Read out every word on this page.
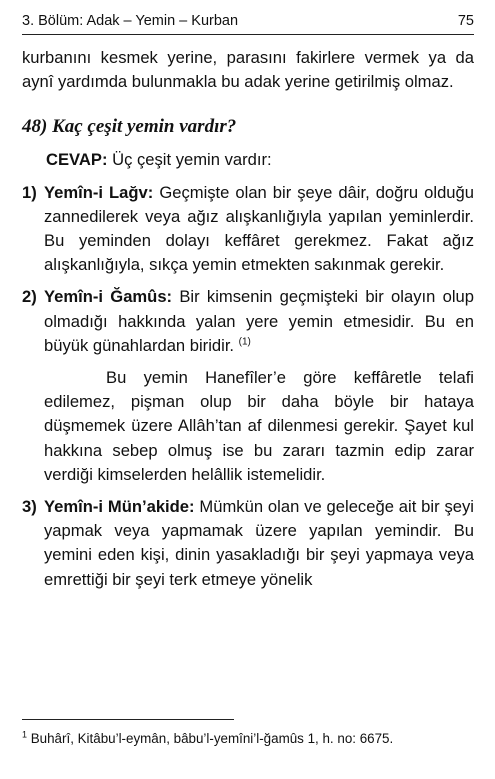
3. Bölüm: Adak – Yemin – Kurban	75

kurbanını kesmek yerine, parasını fakirlere vermek ya da aynî yardımda bulunmakla bu adak yerine getirilmiş olmaz.

48) Kaç çeşit yemin vardır?

CEVAP: Üç çeşit yemin vardır:

1) Yemîn-i Lağv: Geçmişte olan bir şeye dâir, doğru olduğu zannedilerek veya ağız alışkanlığıyla yapılan yeminlerdir. Bu yeminden dolayı keffâret gerekmez. Fakat ağız alışkanlığıyla, sıkça yemin etmekten sakınmak gerekir.

2) Yemîn-i Ğamûs: Bir kimsenin geçmişteki bir olayın olup olmadığı hakkında yalan yere yemin etmesidir. Bu en büyük günahlardan biridir. $^{(1)}$

Bu yemin Hanefîler’e göre keffâretle telafi edilemez, pişman olup bir daha böyle bir hataya düşmemek üzere Allâh’tan af dilenmesi gerekir. Şayet kul hakkına sebep olmuş ise bu zararı tazmin edip zarar verdiği kimselerden helâllik istemelidir.

3) Yemîn-i Mün’akide: Mümkün olan ve geleceğe ait bir şeyi yapmak veya yapmamak üzere yapılan yemindir. Bu yemini eden kişi, dinin yasakladığı bir şeyi yapmaya veya emrettiği bir şeyi terk etmeye yönelik

$^1$ Buhârî, Kitâbu’l-eymân, bâbu’l-yemîni’l-ğamûs 1, h. no: 6675.
